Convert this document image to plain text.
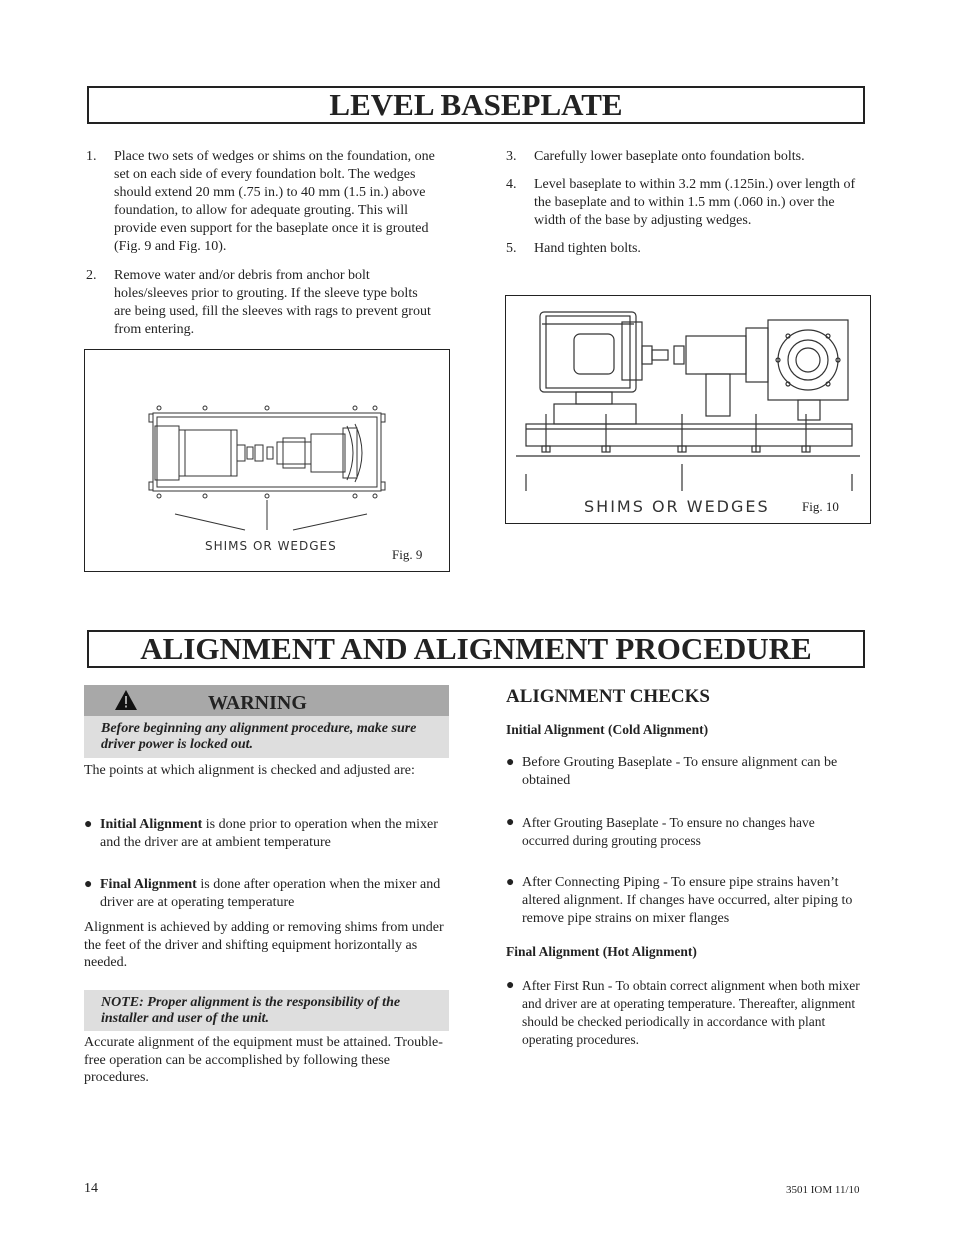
LEVEL BASEPLATE
1.	Place two sets of wedges or shims on the foundation, one set on each side of every foundation bolt. The wedges should extend 20 mm (.75 in.) to 40 mm (1.5 in.) above foundation, to allow for adequate grouting. This will provide even support for the baseplate once it is grouted (Fig. 9 and Fig. 10).
2.	Remove water and/or debris from anchor bolt holes/sleeves prior to grouting. If the sleeve type bolts are being used, fill the sleeves with rags to prevent grout from entering.
3.	Carefully lower baseplate onto foundation bolts.
4.	Level baseplate to within 3.2 mm (.125in.) over length of the baseplate and to within 1.5 mm (.060 in.) over the width of the base by adjusting wedges.
5.	Hand tighten bolts.
SHIMS OR WEDGES
Fig. 9
SHIMS OR WEDGES Fig. 10
ALIGNMENT AND ALIGNMENT PROCEDURE
WARNING
Before beginning any alignment procedure, make sure driver power is locked out.
The points at which alignment is checked and adjusted are:
● Initial Alignment is done prior to operation when the mixer and the driver are at ambient temperature
● Final Alignment is done after operation when the mixer and driver are at operating temperature
Alignment is achieved by adding or removing shims from under the feet of the driver and shifting equipment horizontally as needed.
NOTE: Proper alignment is the responsibility of the installer and user of the unit.
Accurate alignment of the equipment must be attained. Trouble-free operation can be accomplished by following these procedures.
ALIGNMENT CHECKS
Initial Alignment (Cold Alignment)
● Before Grouting Baseplate - To ensure alignment can be obtained
● After Grouting Baseplate - To ensure no changes have occurred during grouting process
● After Connecting Piping - To ensure pipe strains haven’t altered alignment. If changes have occurred, alter piping to remove pipe strains on mixer flanges
Final Alignment (Hot Alignment)
● After First Run - To obtain correct alignment when both mixer and driver are at operating temperature. Thereafter, alignment should be checked periodically in accordance with plant operating procedures.
14	3501 IOM 11/10
